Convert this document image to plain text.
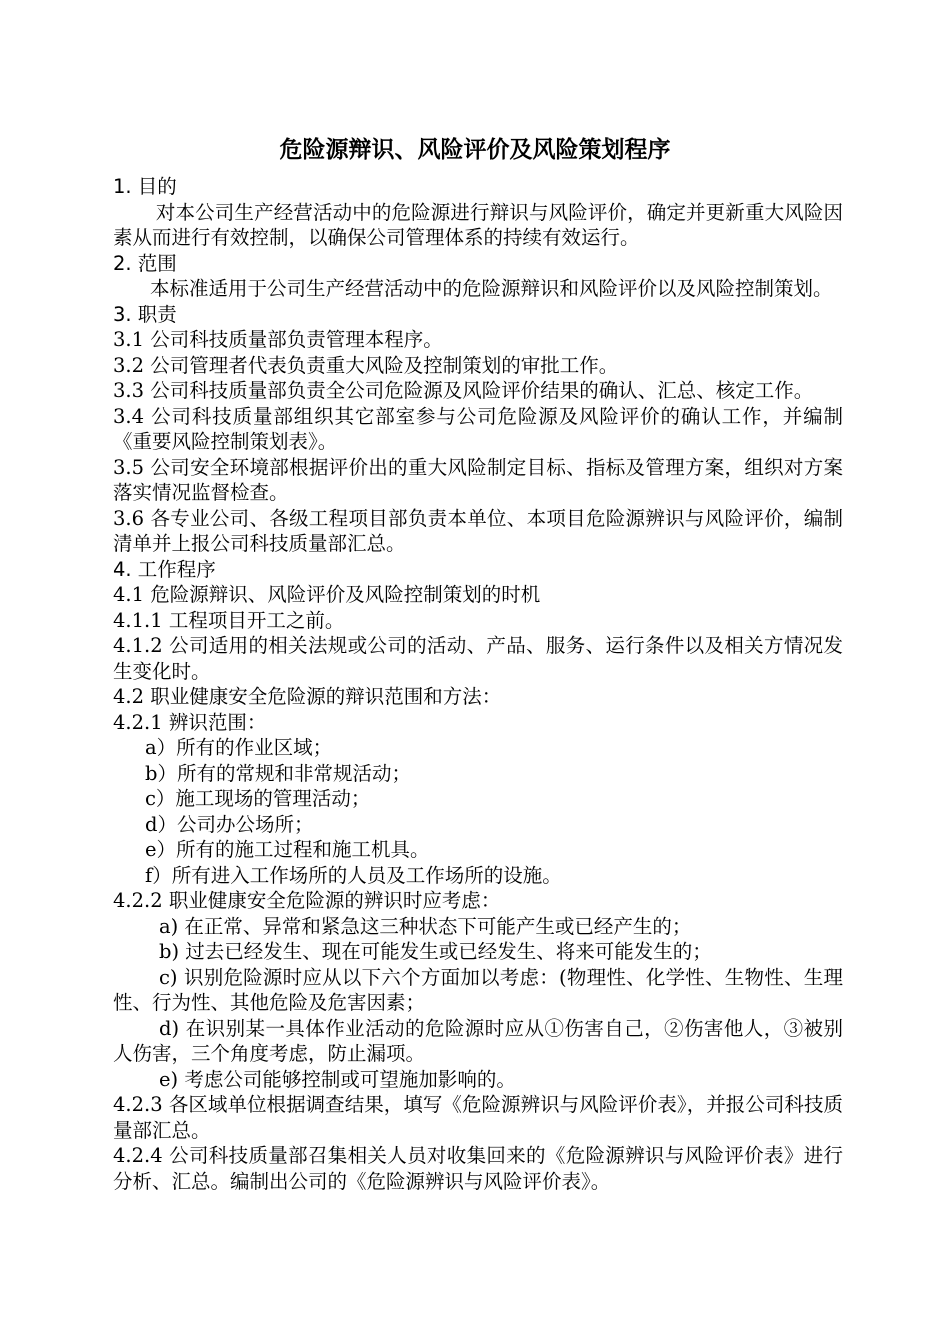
危险源辩识、风险评价及风险策划程序

1. 目的

对本公司生产经营活动中的危险源进行辩识与风险评价，确定并更新重大风险因素从而进行有效控制，以确保公司管理体系的持续有效运行。

2. 范围

本标准适用于公司生产经营活动中的危险源辩识和风险评价以及风险控制策划。

3. 职责

3.1 公司科技质量部负责管理本程序。

3.2 公司管理者代表负责重大风险及控制策划的审批工作。

3.3 公司科技质量部负责全公司危险源及风险评价结果的确认、汇总、核定工作。

3.4 公司科技质量部组织其它部室参与公司危险源及风险评价的确认工作，并编制《重要风险控制策划表》。

3.5 公司安全环境部根据评价出的重大风险制定目标、指标及管理方案，组织对方案落实情况监督检查。

3.6 各专业公司、各级工程项目部负责本单位、本项目危险源辨识与风险评价，编制清单并上报公司科技质量部汇总。

4. 工作程序

4.1 危险源辩识、风险评价及风险控制策划的时机

4.1.1 工程项目开工之前。

4.1.2 公司适用的相关法规或公司的活动、产品、服务、运行条件以及相关方情况发生变化时。

4.2 职业健康安全危险源的辩识范围和方法：

4.2.1 辨识范围：

a）所有的作业区域；

b）所有的常规和非常规活动；

c）施工现场的管理活动；

d）公司办公场所；

e）所有的施工过程和施工机具。

f）所有进入工作场所的人员及工作场所的设施。

4.2.2 职业健康安全危险源的辨识时应考虑：

a) 在正常、异常和紧急这三种状态下可能产生或已经产生的；

b) 过去已经发生、现在可能发生或已经发生、将来可能发生的；

c) 识别危险源时应从以下六个方面加以考虑：(物理性、化学性、生物性、生理性、行为性、其他危险及危害因素；

d) 在识别某一具体作业活动的危险源时应从①伤害自己，②伤害他人，③被别人伤害，三个角度考虑，防止漏项。

e) 考虑公司能够控制或可望施加影响的。

4.2.3 各区域单位根据调查结果，填写《危险源辨识与风险评价表》，并报公司科技质量部汇总。

4.2.4 公司科技质量部召集相关人员对收集回来的《危险源辨识与风险评价表》进行分析、汇总。编制出公司的《危险源辨识与风险评价表》。
